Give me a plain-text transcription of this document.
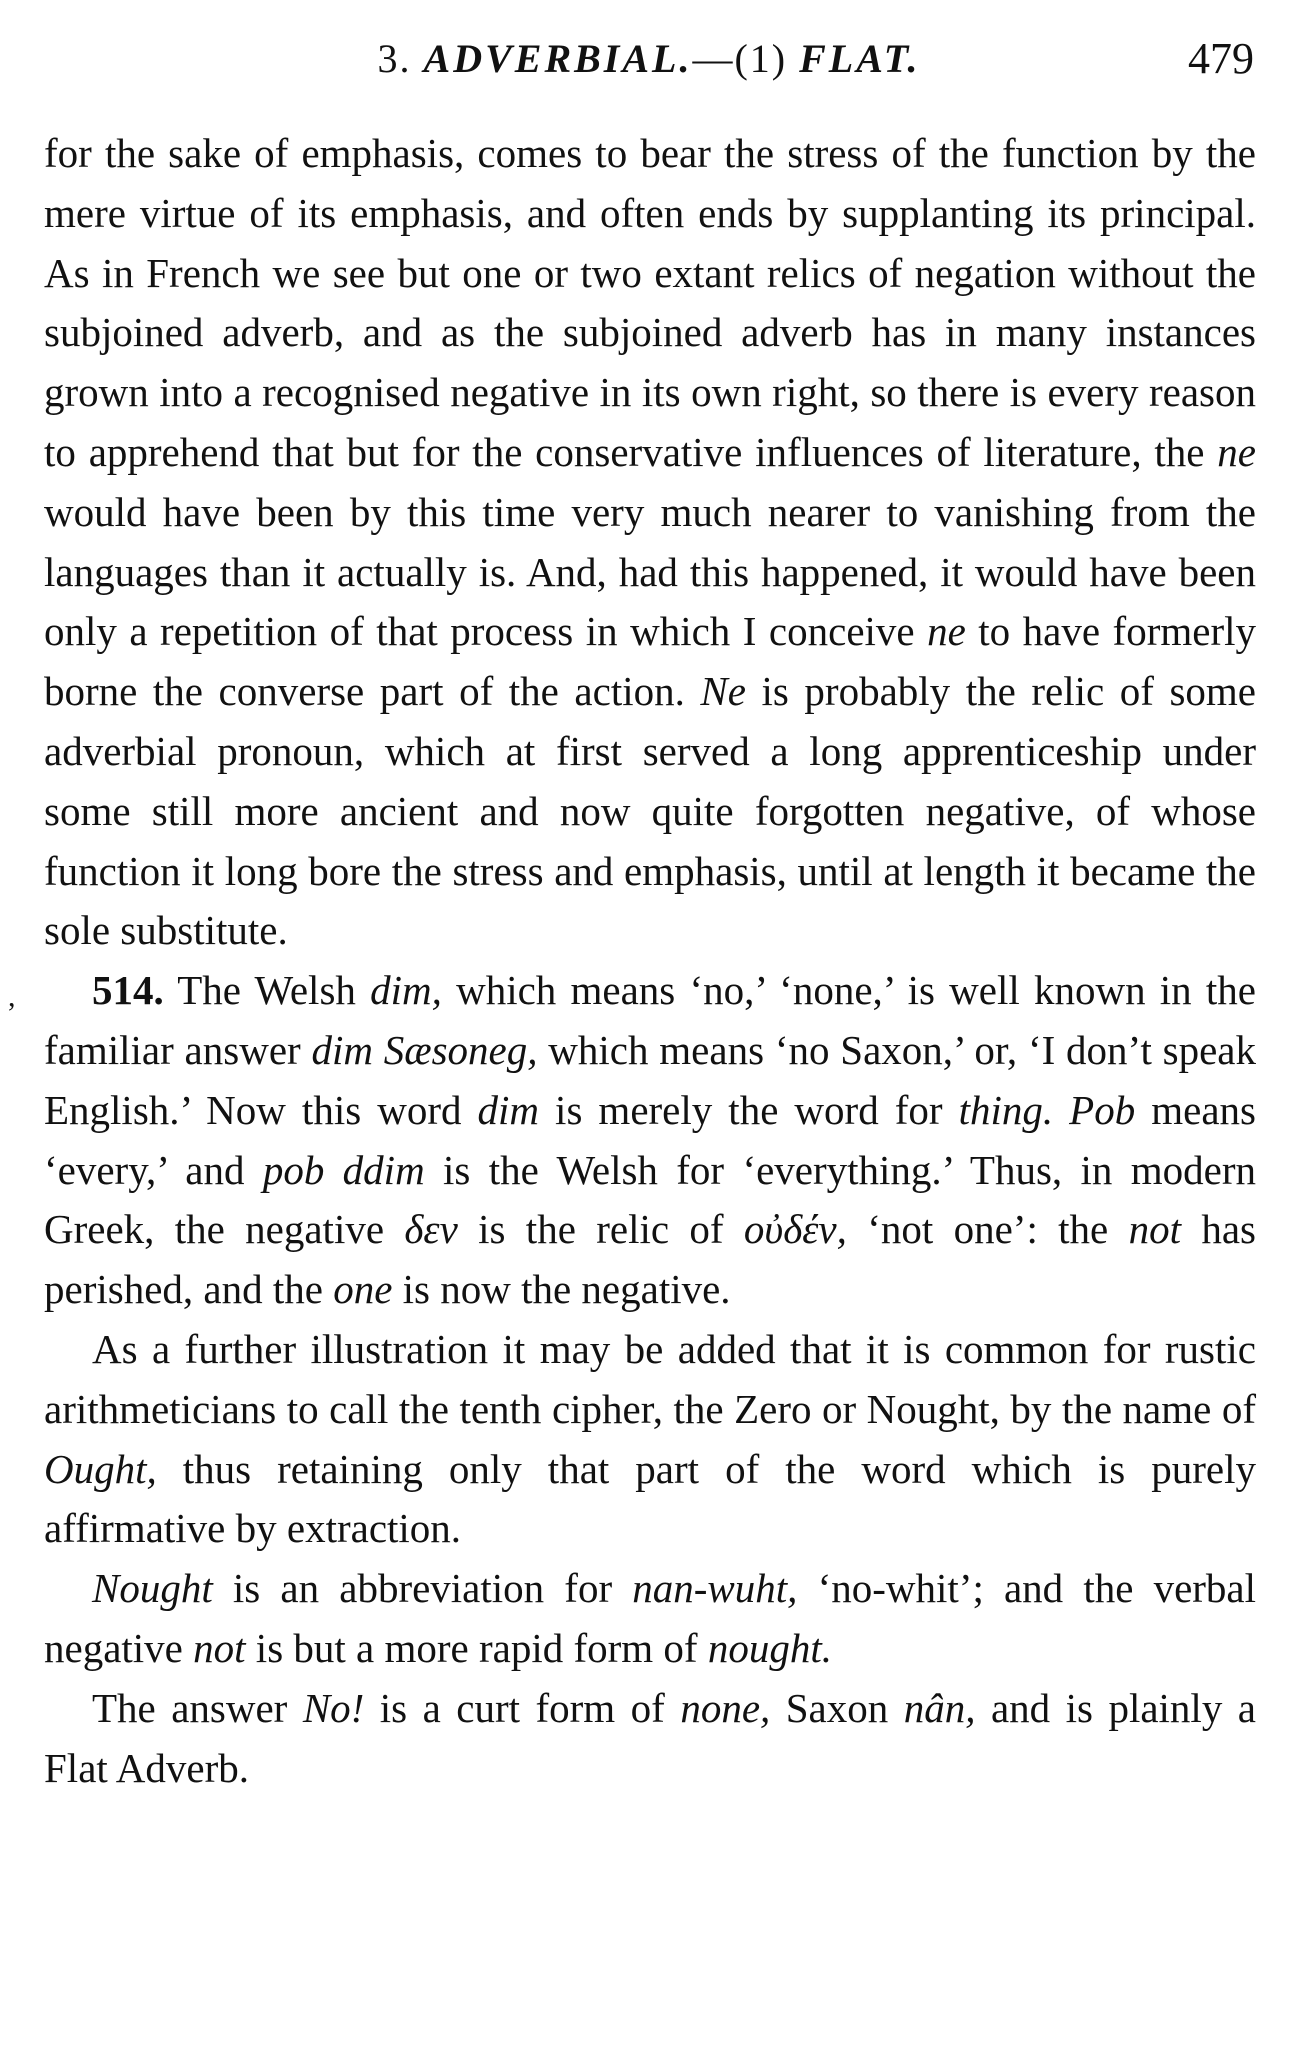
3. ADVERBIAL.—(1) FLAT.	479
,

for the sake of emphasis, comes to bear the stress of the function by the mere virtue of its emphasis, and often ends by supplanting its principal. As in French we see but one or two extant relics of negation without the subjoined adverb, and as the subjoined adverb has in many instances grown into a recognised negative in its own right, so there is every reason to apprehend that but for the conservative influences of literature, the ne would have been by this time very much nearer to vanishing from the languages than it actually is. And, had this happened, it would have been only a repetition of that process in which I conceive ne to have formerly borne the converse part of the action. Ne is probably the relic of some adverbial pronoun, which at first served a long apprenticeship under some still more ancient and now quite forgotten negative, of whose function it long bore the stress and emphasis, until at length it became the sole substitute.

514. The Welsh dim, which means ‘no,’ ‘none,’ is well known in the familiar answer dim Sæsoneg, which means ‘no Saxon,’ or, ‘I don’t speak English.’ Now this word dim is merely the word for thing. Pob means ‘every,’ and pob ddim is the Welsh for ‘everything.’ Thus, in modern Greek, the negative δεν is the relic of οὐδέν, ‘not one’: the not has perished, and the one is now the negative.

As a further illustration it may be added that it is common for rustic arithmeticians to call the tenth cipher, the Zero or Nought, by the name of Ought, thus retaining only that part of the word which is purely affirmative by extraction.

Nought is an abbreviation for nan-wuht, ‘no-whit’; and the verbal negative not is but a more rapid form of nought.

The answer No! is a curt form of none, Saxon nân, and is plainly a Flat Adverb.
